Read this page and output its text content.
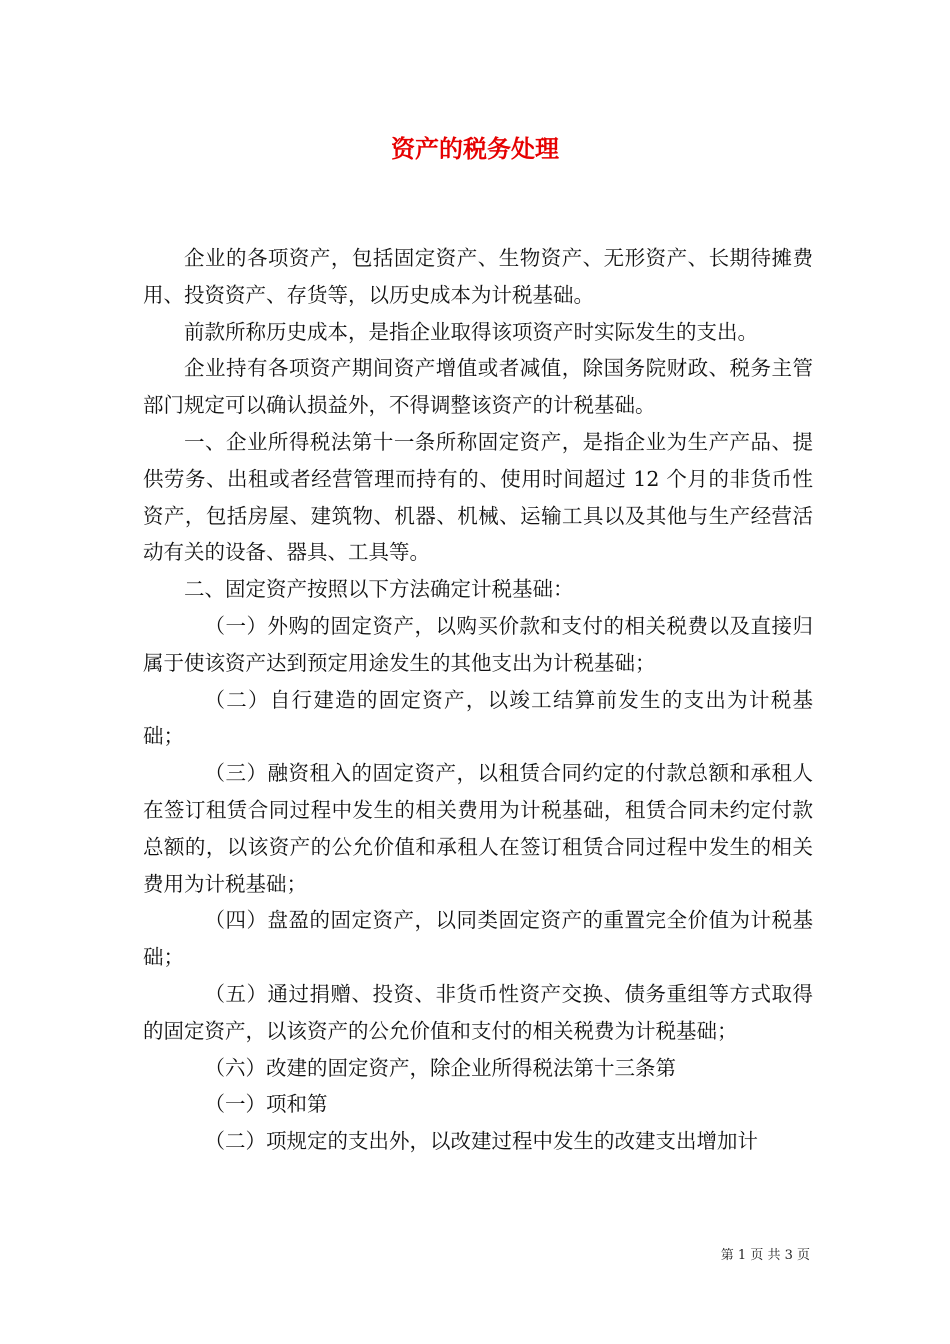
资产的税务处理

企业的各项资产，包括固定资产、生物资产、无形资产、长期待摊费用、投资资产、存货等，以历史成本为计税基础。

前款所称历史成本，是指企业取得该项资产时实际发生的支出。

企业持有各项资产期间资产增值或者减值，除国务院财政、税务主管部门规定可以确认损益外，不得调整该资产的计税基础。

一、企业所得税法第十一条所称固定资产，是指企业为生产产品、提供劳务、出租或者经营管理而持有的、使用时间超过 12 个月的非货币性资产，包括房屋、建筑物、机器、机械、运输工具以及其他与生产经营活动有关的设备、器具、工具等。

二、固定资产按照以下方法确定计税基础：

（一）外购的固定资产，以购买价款和支付的相关税费以及直接归属于使该资产达到预定用途发生的其他支出为计税基础；

（二）自行建造的固定资产，以竣工结算前发生的支出为计税基础；

（三）融资租入的固定资产，以租赁合同约定的付款总额和承租人在签订租赁合同过程中发生的相关费用为计税基础，租赁合同未约定付款总额的，以该资产的公允价值和承租人在签订租赁合同过程中发生的相关费用为计税基础；

（四）盘盈的固定资产，以同类固定资产的重置完全价值为计税基础；

（五）通过捐赠、投资、非货币性资产交换、债务重组等方式取得的固定资产，以该资产的公允价值和支付的相关税费为计税基础；

（六）改建的固定资产，除企业所得税法第十三条第

（一）项和第

（二）项规定的支出外，以改建过程中发生的改建支出增加计

第 1 页 共 3 页
